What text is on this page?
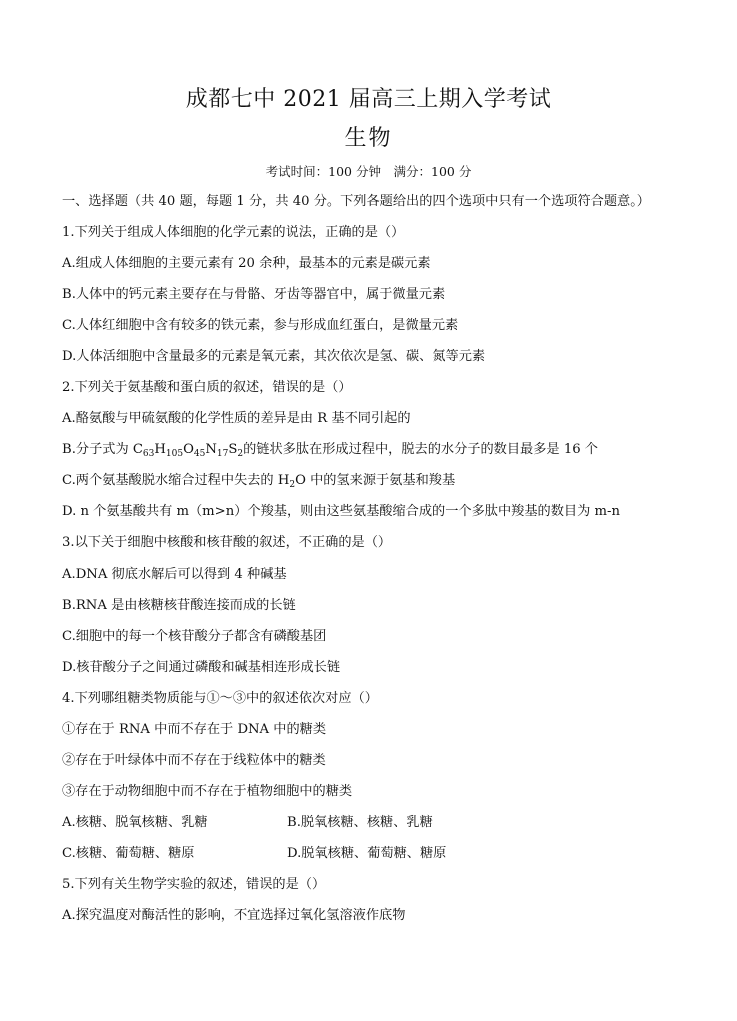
成都七中 2021 届高三上期入学考试
生物
考试时间：100 分钟　满分：100 分
一、选择题（共 40 题，每题 1 分，共 40 分。下列各题给出的四个选项中只有一个选项符合题意。）
1.下列关于组成人体细胞的化学元素的说法，正确的是（）
A.组成人体细胞的主要元素有 20 余种，最基本的元素是碳元素
B.人体中的钙元素主要存在与骨骼、牙齿等器官中，属于微量元素
C.人体红细胞中含有较多的铁元素，参与形成血红蛋白，是微量元素
D.人体活细胞中含量最多的元素是氧元素，其次依次是氢、碳、氮等元素
2.下列关于氨基酸和蛋白质的叙述，错误的是（）
A.酪氨酸与甲硫氨酸的化学性质的差异是由 R 基不同引起的
B.分子式为 $C_{63}H_{105}O_{45}N_{17}S_2$的链状多肽在形成过程中，脱去的水分子的数目最多是 16 个
C.两个氨基酸脱水缩合过程中失去的 $H_2O$ 中的氢来源于氨基和羧基
D. n 个氨基酸共有 m（m>n）个羧基，则由这些氨基酸缩合成的一个多肽中羧基的数目为 m-n
3.以下关于细胞中核酸和核苷酸的叙述，不正确的是（）
A.DNA 彻底水解后可以得到 4 种碱基
B.RNA 是由核糖核苷酸连接而成的长链
C.细胞中的每一个核苷酸分子都含有磷酸基团
D.核苷酸分子之间通过磷酸和碱基相连形成长链
4.下列哪组糖类物质能与①～③中的叙述依次对应（）
①存在于 RNA 中而不存在于 DNA 中的糖类
②存在于叶绿体中而不存在于线粒体中的糖类
③存在于动物细胞中而不存在于植物细胞中的糖类
A.核糖、脱氧核糖、乳糖	B.脱氧核糖、核糖、乳糖
C.核糖、葡萄糖、糖原	D.脱氧核糖、葡萄糖、糖原
5.下列有关生物学实验的叙述，错误的是（）
A.探究温度对酶活性的影响，不宜选择过氧化氢溶液作底物
